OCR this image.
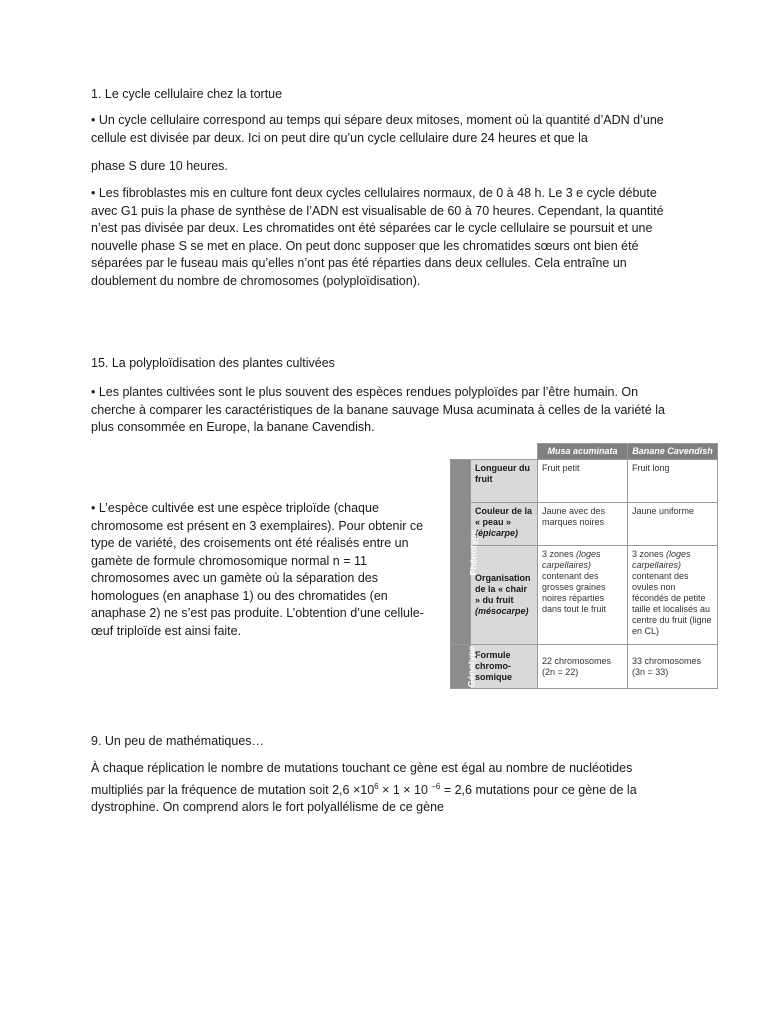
1. Le cycle cellulaire chez la tortue

• Un cycle cellulaire correspond au temps qui sépare deux mitoses, moment où la quantité d’ADN d’une cellule est divisée par deux. Ici on peut dire qu’un cycle cellulaire dure 24 heures et que la

phase S dure 10 heures.

• Les fibroblastes mis en culture font deux cycles cellulaires normaux, de 0 à 48 h. Le 3 e cycle débute avec G1 puis la phase de synthèse de l’ADN est visualisable de 60 à 70 heures. Cependant, la quantité n’est pas divisée par deux. Les chromatides ont été séparées car le cycle cellulaire se poursuit et une nouvelle phase S se met en place. On peut donc supposer que les chromatides sœurs ont bien été séparées par le fuseau mais qu’elles n’ont pas été réparties dans deux cellules. Cela entraîne un doublement du nombre de chromosomes (polyploïdisation).

15. La polyploïdisation des plantes cultivées

• Les plantes cultivées sont le plus souvent des espèces rendues polyploïdes par l’être humain. On cherche à comparer les caractéristiques de la banane sauvage Musa acuminata à celles de la variété la plus consommée en Europe, la banane Cavendish.

• L’espèce cultivée est une espèce triploïde (chaque chromosome est présent en 3 exemplaires). Pour obtenir ce type de variété, des croisements ont été réalisés entre un gamète de formule chromosomique normal n = 11 chromosomes avec un gamète où la séparation des homologues (en anaphase 1) ou des chromatides (en anaphase 2) ne s’est pas produite. L’obtention d’une cellule-œuf triploïde est ainsi faite.

		Musa acuminata	Banane Cavendish
Phénotype	Longueur du fruit	Fruit petit	Fruit long
	Couleur de la « peau » (épicarpe)	Jaune avec des marques noires	Jaune uniforme
	Organisation de la « chair » du fruit (mésocarpe)	3 zones (loges carpellaires) contenant des grosses graines noires réparties dans tout le fruit	3 zones (loges carpellaires) contenant des ovules non fécondés de petite taille et localisés au centre du fruit (ligne en CL)
Génotype	Formule chromo-somique	22 chromosomes (2n = 22)	33 chromosomes (3n = 33)
9. Un peu de mathématiques…

À chaque réplication le nombre de mutations touchant ce gène est égal au nombre de nucléotides
multipliés par la fréquence de mutation soit $2,6 \times 10^6 \times 1 \times 10$ $^{-6}$ = 2,6 mutations pour ce gène de la
dystrophine. On comprend alors le fort polyallélisme de ce gène
